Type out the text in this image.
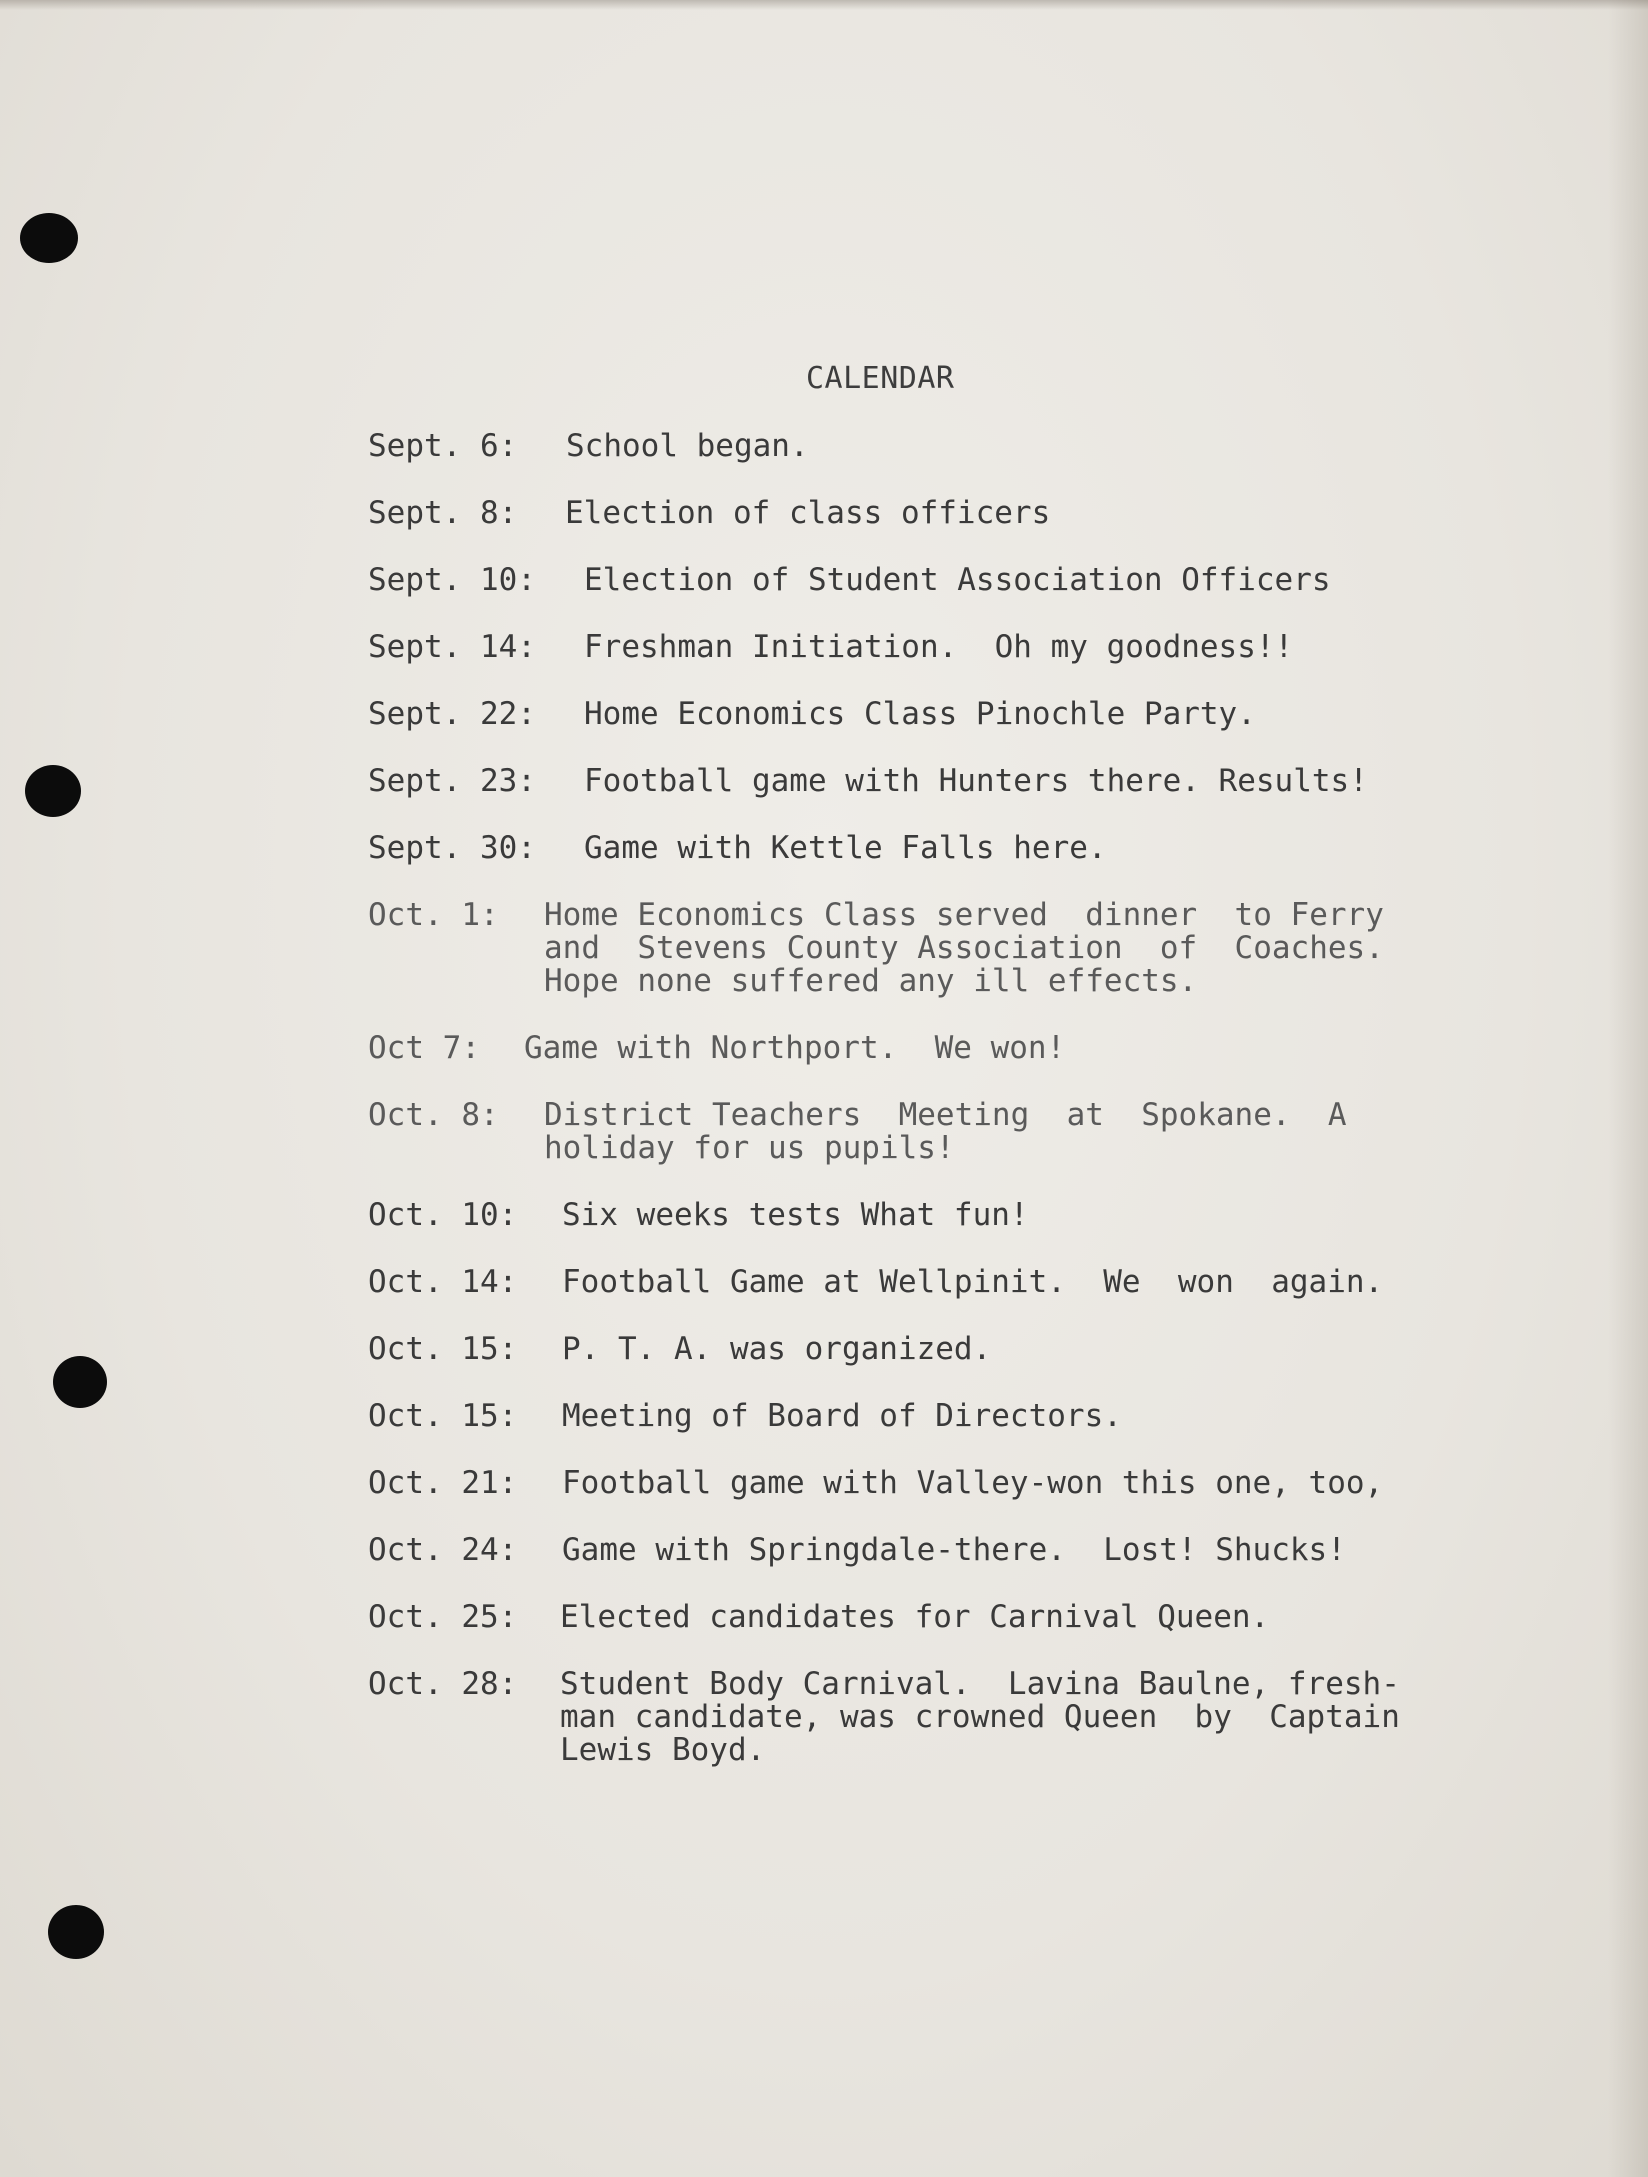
CALENDAR
Sept. 6: School began.
Sept. 8: Election of class officers
Sept. 10: Election of Student Association Officers
Sept. 14: Freshman Initiation.  Oh my goodness!!
Sept. 22: Home Economics Class Pinochle Party.
Sept. 23: Football game with Hunters there. Results!
Sept. 30: Game with Kettle Falls here.
Oct. 1: Home Economics Class served  dinner  to Ferry
and  Stevens County Association  of  Coaches.
Hope none suffered any ill effects.
Oct 7: Game with Northport.  We won!
Oct. 8: District Teachers  Meeting  at  Spokane.  A
holiday for us pupils!
Oct. 10: Six weeks tests What fun!
Oct. 14: Football Game at Wellpinit.  We  won  again.
Oct. 15: P. T. A. was organized.
Oct. 15: Meeting of Board of Directors.
Oct. 21: Football game with Valley-won this one, too,
Oct. 24: Game with Springdale-there.  Lost! Shucks!
Oct. 25: Elected candidates for Carnival Queen.
Oct. 28: Student Body Carnival.  Lavina Baulne, fresh-
man candidate, was crowned Queen  by  Captain
Lewis Boyd.
